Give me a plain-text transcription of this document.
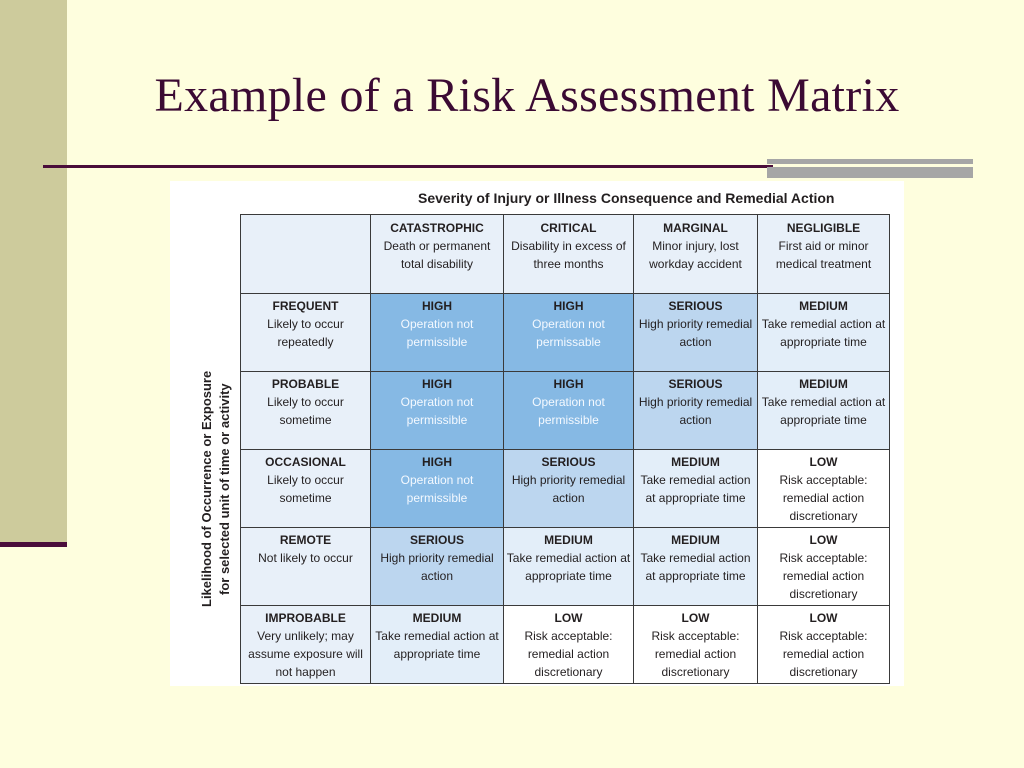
Example of a Risk Assessment Matrix
Severity of Injury or Illness Consequence and Remedial Action
Likelihood of Occurrence or Exposure for selected unit of time or activity

	CATASTROPHIC
Death or permanent total disability	CRITICAL
Disability in excess of three months	MARGINAL
Minor injury, lost workday accident	NEGLIGIBLE
First aid or minor medical treatment

FREQUENT
Likely to occur repeatedly	HIGH
Operation not permissible	HIGH
Operation not permissable	SERIOUS
High priority remedial action	MEDIUM
Take remedial action at appropriate time

PROBABLE
Likely to occur sometime	HIGH
Operation not permissible	HIGH
Operation not permissible	SERIOUS
High priority remedial action	MEDIUM
Take remedial action at appropriate time

OCCASIONAL
Likely to occur sometime	HIGH
Operation not permissible	SERIOUS
High priority remedial action	MEDIUM
Take remedial action at appropriate time	LOW
Risk acceptable: remedial action discretionary

REMOTE
Not likely to occur	SERIOUS
High priority remedial action	MEDIUM
Take remedial action at appropriate time	MEDIUM
Take remedial action at appropriate time	LOW
Risk acceptable: remedial action discretionary

IMPROBABLE
Very unlikely; may assume exposure will not happen	MEDIUM
Take remedial action at appropriate time	LOW
Risk acceptable: remedial action discretionary	LOW
Risk acceptable: remedial action discretionary	LOW
Risk acceptable: remedial action discretionary
